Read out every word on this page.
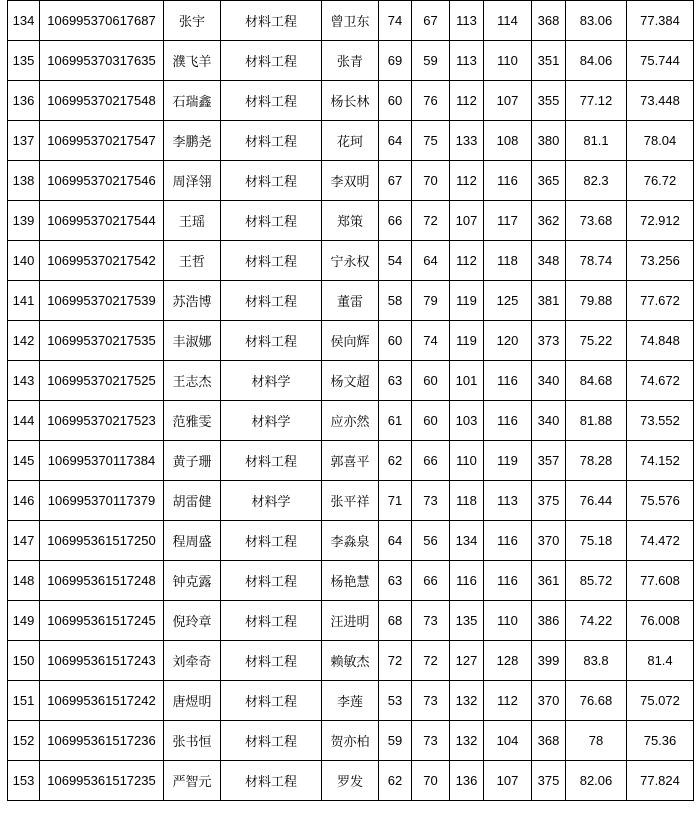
134	106995370617687	张宇	材料工程	曾卫东	74	67	113	114	368	83.06	77.384
135	106995370317635	濮飞羊	材料工程	张青	69	59	113	110	351	84.06	75.744
136	106995370217548	石瑞鑫	材料工程	杨长林	60	76	112	107	355	77.12	73.448
137	106995370217547	李鹏尧	材料工程	花珂	64	75	133	108	380	81.1	78.04
138	106995370217546	周泽翎	材料工程	李双明	67	70	112	116	365	82.3	76.72
139	106995370217544	王瑶	材料工程	郑策	66	72	107	117	362	73.68	72.912
140	106995370217542	王哲	材料工程	宁永权	54	64	112	118	348	78.74	73.256
141	106995370217539	苏浩博	材料工程	董雷	58	79	119	125	381	79.88	77.672
142	106995370217535	丰淑娜	材料工程	侯向辉	60	74	119	120	373	75.22	74.848
143	106995370217525	王志杰	材料学	杨文超	63	60	101	116	340	84.68	74.672
144	106995370217523	范雅雯	材料学	应亦然	61	60	103	116	340	81.88	73.552
145	106995370117384	黄子珊	材料工程	郭喜平	62	66	110	119	357	78.28	74.152
146	106995370117379	胡雷健	材料学	张平祥	71	73	118	113	375	76.44	75.576
147	106995361517250	程周盛	材料工程	李淼泉	64	56	134	116	370	75.18	74.472
148	106995361517248	钟克露	材料工程	杨艳慧	63	66	116	116	361	85.72	77.608
149	106995361517245	倪玲章	材料工程	汪进明	68	73	135	110	386	74.22	76.008
150	106995361517243	刘牵奇	材料工程	赖敏杰	72	72	127	128	399	83.8	81.4
151	106995361517242	唐煜明	材料工程	李莲	53	73	132	112	370	76.68	75.072
152	106995361517236	张书恒	材料工程	贺亦柏	59	73	132	104	368	78	75.36
153	106995361517235	严智元	材料工程	罗发	62	70	136	107	375	82.06	77.824
